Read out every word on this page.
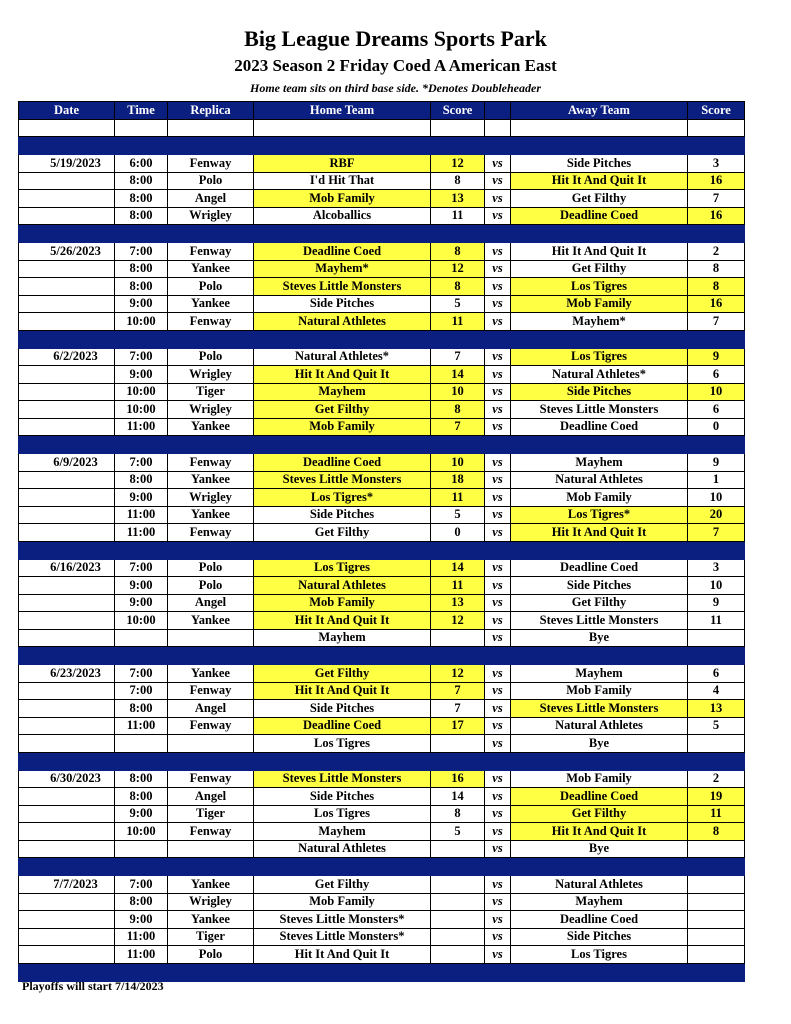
Big League Dreams Sports Park
2023 Season 2 Friday Coed A American East
Home team sits on third base side. *Denotes Doubleheader
Date	Time	Replica	Home Team	Score		Away Team	Score

5/19/2023	6:00	Fenway	RBF	12	vs	Side Pitches	3
	8:00	Polo	I'd Hit That	8	vs	Hit It And Quit It	16
	8:00	Angel	Mob Family	13	vs	Get Filthy	7
	8:00	Wrigley	Alcoballics	11	vs	Deadline Coed	16

5/26/2023	7:00	Fenway	Deadline Coed	8	vs	Hit It And Quit It	2
	8:00	Yankee	Mayhem*	12	vs	Get Filthy	8
	8:00	Polo	Steves Little Monsters	8	vs	Los Tigres	8
	9:00	Yankee	Side Pitches	5	vs	Mob Family	16
	10:00	Fenway	Natural Athletes	11	vs	Mayhem*	7

6/2/2023	7:00	Polo	Natural Athletes*	7	vs	Los Tigres	9
	9:00	Wrigley	Hit It And Quit It	14	vs	Natural Athletes*	6
	10:00	Tiger	Mayhem	10	vs	Side Pitches	10
	10:00	Wrigley	Get Filthy	8	vs	Steves Little Monsters	6
	11:00	Yankee	Mob Family	7	vs	Deadline Coed	0

6/9/2023	7:00	Fenway	Deadline Coed	10	vs	Mayhem	9
	8:00	Yankee	Steves Little Monsters	18	vs	Natural Athletes	1
	9:00	Wrigley	Los Tigres*	11	vs	Mob Family	10
	11:00	Yankee	Side Pitches	5	vs	Los Tigres*	20
	11:00	Fenway	Get Filthy	0	vs	Hit It And Quit It	7

6/16/2023	7:00	Polo	Los Tigres	14	vs	Deadline Coed	3
	9:00	Polo	Natural Athletes	11	vs	Side Pitches	10
	9:00	Angel	Mob Family	13	vs	Get Filthy	9
	10:00	Yankee	Hit It And Quit It	12	vs	Steves Little Monsters	11
			Mayhem		vs	Bye	

6/23/2023	7:00	Yankee	Get Filthy	12	vs	Mayhem	6
	7:00	Fenway	Hit It And Quit It	7	vs	Mob Family	4
	8:00	Angel	Side Pitches	7	vs	Steves Little Monsters	13
	11:00	Fenway	Deadline Coed	17	vs	Natural Athletes	5
			Los Tigres		vs	Bye	

6/30/2023	8:00	Fenway	Steves Little Monsters	16	vs	Mob Family	2
	8:00	Angel	Side Pitches	14	vs	Deadline Coed	19
	9:00	Tiger	Los Tigres	8	vs	Get Filthy	11
	10:00	Fenway	Mayhem	5	vs	Hit It And Quit It	8
			Natural Athletes		vs	Bye	

7/7/2023	7:00	Yankee	Get Filthy		vs	Natural Athletes	
	8:00	Wrigley	Mob Family		vs	Mayhem	
	9:00	Yankee	Steves Little Monsters*		vs	Deadline Coed	
	11:00	Tiger	Steves Little Monsters*		vs	Side Pitches	
	11:00	Polo	Hit It And Quit It		vs	Los Tigres	

Playoffs will start 7/14/2023
